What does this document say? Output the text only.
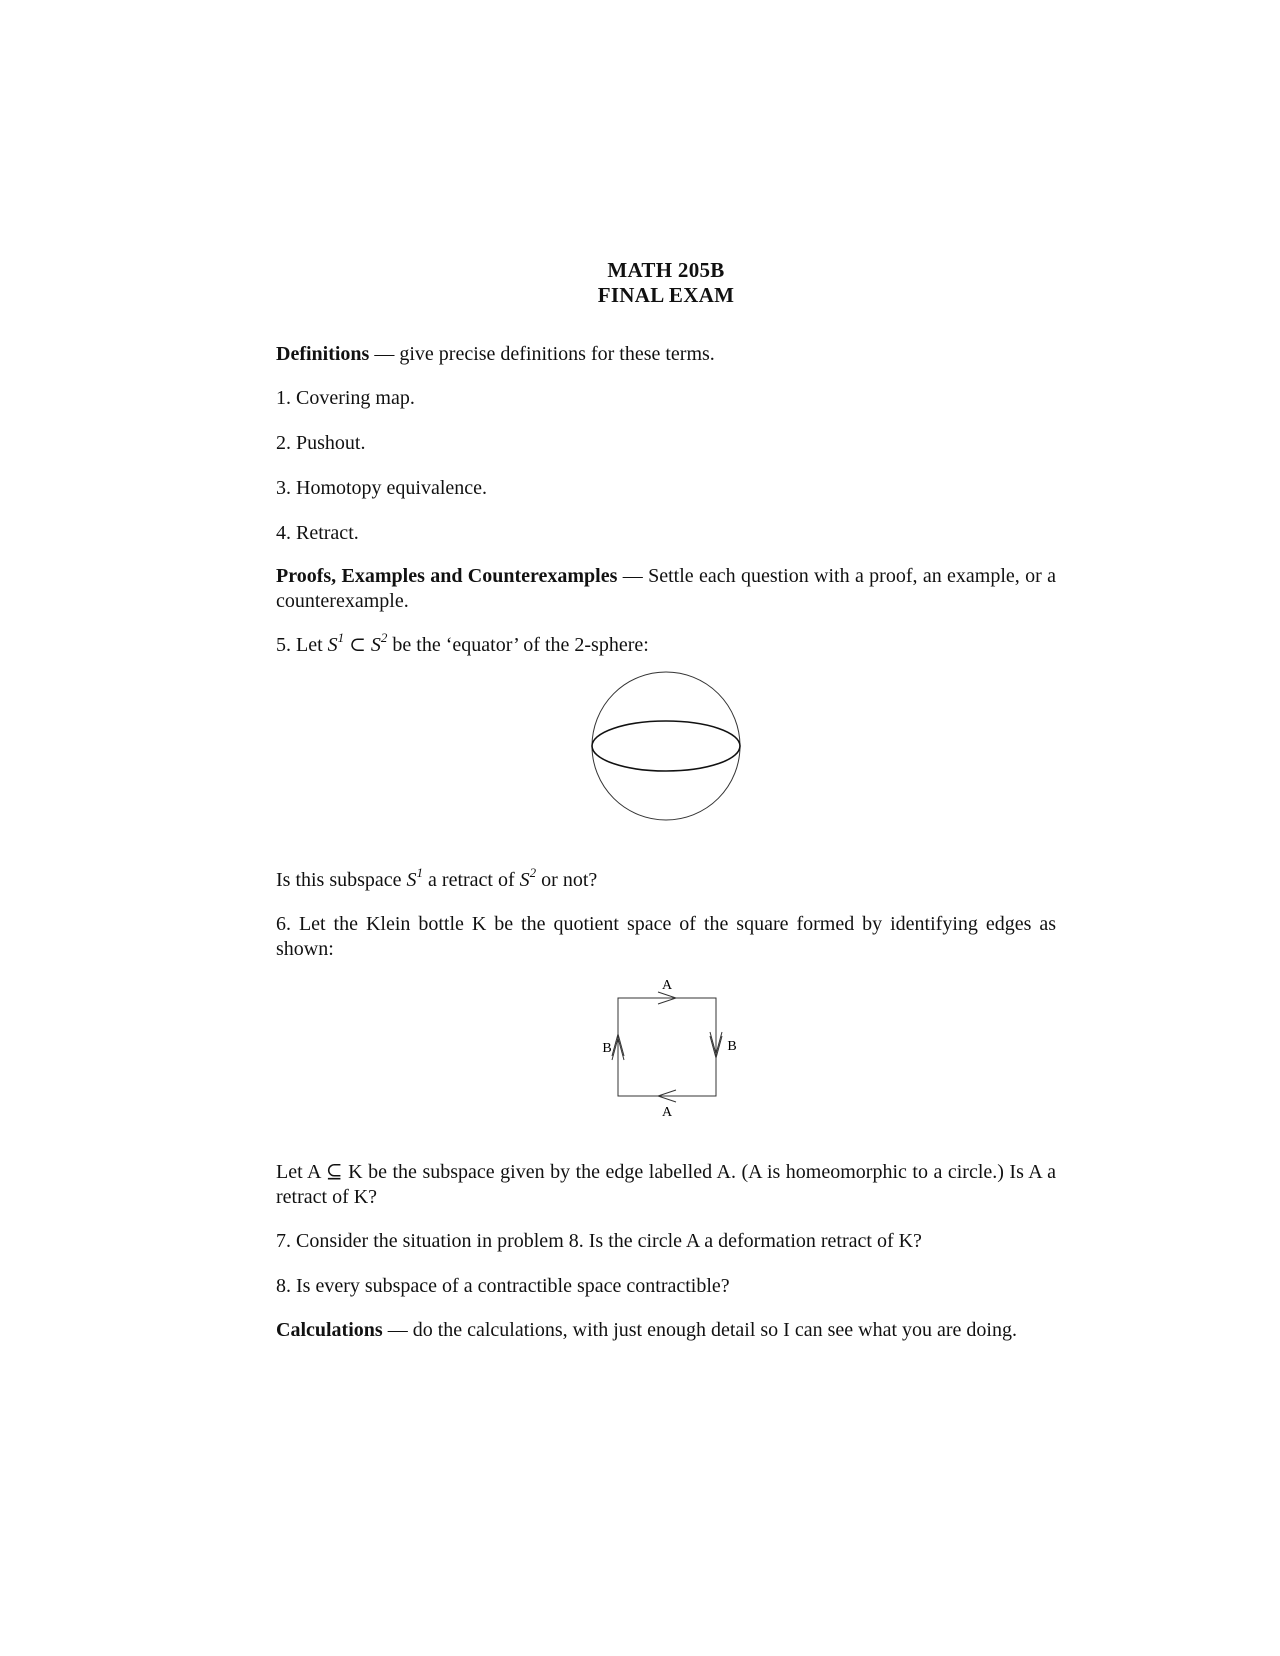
MATH 205B
FINAL EXAM

Definitions — give precise definitions for these terms.

1. Covering map.

2. Pushout.

3. Homotopy equivalence.

4. Retract.

Proofs, Examples and Counterexamples — Settle each question with a proof, an example, or a counterexample.

5. Let $S^1$ ⊂ $S^2$ be the ‘equator’ of the 2-sphere:

Is this subspace $S^1$ a retract of $S^2$ or not?

6. Let the Klein bottle K be the quotient space of the square formed by identifying edges as shown:

A
A
B	B

Let A ⊆ K be the subspace given by the edge labelled A. (A is homeomorphic to a circle.) Is A a retract of K?

7. Consider the situation in problem 8. Is the circle A a deformation retract of K?

8. Is every subspace of a contractible space contractible?

Calculations — do the calculations, with just enough detail so I can see what you are doing.
